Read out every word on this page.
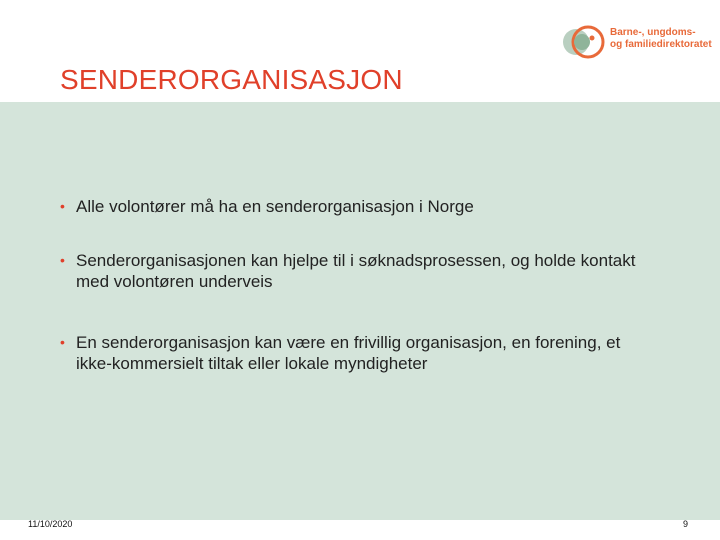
Barne-, ungdoms-
og familiedirektoratet
SENDERORGANISASJON
• Alle volontører må ha en senderorganisasjon i Norge
• Senderorganisasjonen kan hjelpe til i søknadsprosessen, og holde kontakt med volontøren underveis
• En senderorganisasjon kan være en frivillig organisasjon, en forening, et ikke-kommersielt tiltak eller lokale myndigheter
11/10/2020	9
